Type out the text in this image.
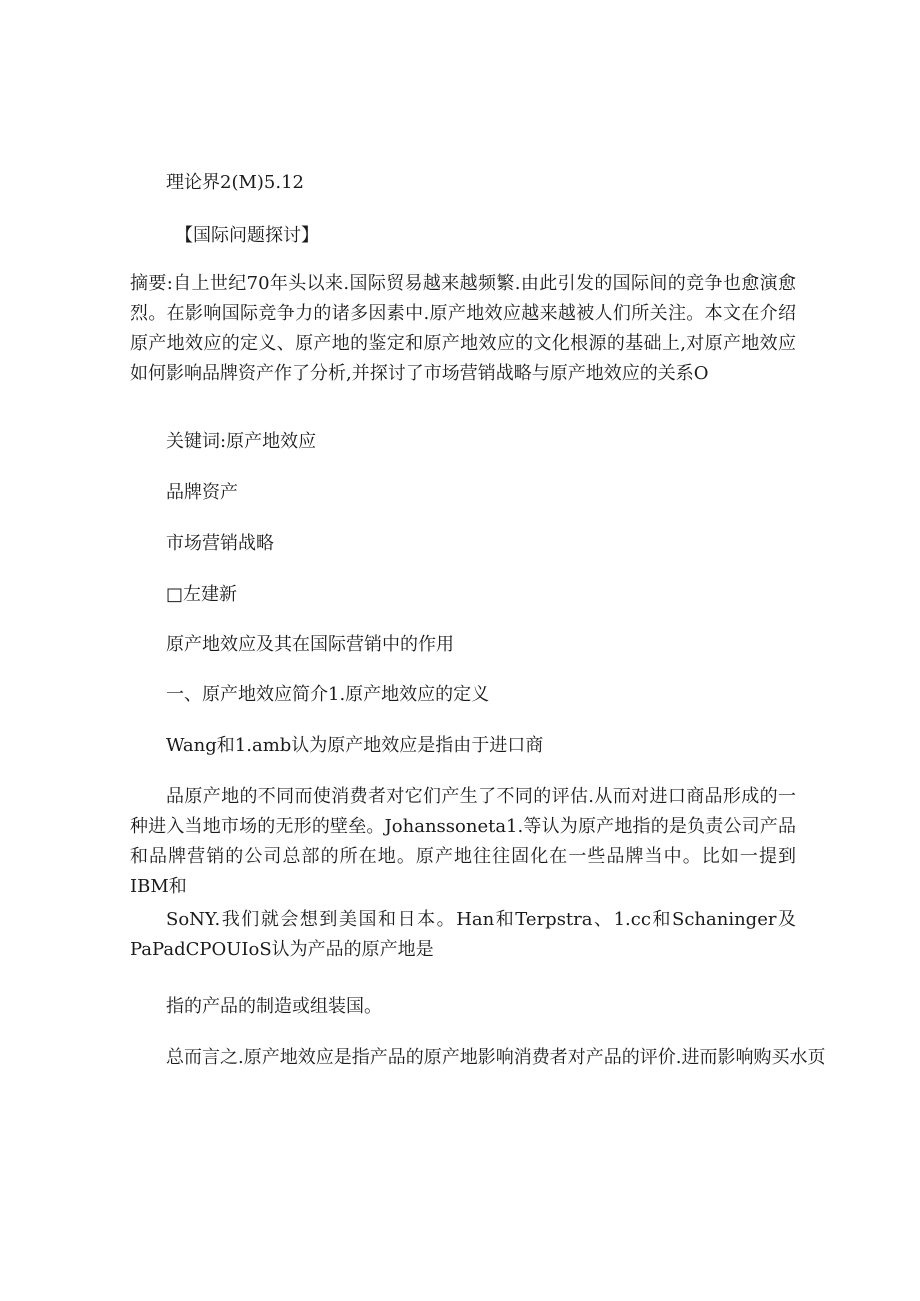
理论界2(M)5.12
【国际问题探讨】
摘要:自上世纪70年头以来.国际贸易越来越频繁.由此引发的国际间的竞争也愈演愈烈。在影响国际竞争力的诸多因素中.原产地效应越来越被人们所关注。本文在介绍原产地效应的定义、原产地的鉴定和原产地效应的文化根源的基础上,对原产地效应如何影响品牌资产作了分析,并探讨了市场营销战略与原产地效应的关系O
关键词:原产地效应
品牌资产
市场营销战略
□左建新
原产地效应及其在国际营销中的作用
一、原产地效应简介1.原产地效应的定义
Wang和1.amb认为原产地效应是指由于进口商
品原产地的不同而使消费者对它们产生了不同的评估.从而对进口商品形成的一种进入当地市场的无形的壁垒。Johanssoneta1.等认为原产地指的是负责公司产品和品牌营销的公司总部的所在地。原产地往往固化在一些品牌当中。比如一提到IBM和
SoNY.我们就会想到美国和日本。Han和Terpstra、1.cc和Schaninger及PaPadCPOUIoS认为产品的原产地是
指的产品的制造或组装国。
总而言之.原产地效应是指产品的原产地影响消费者对产品的评价.进而影响购买水页
